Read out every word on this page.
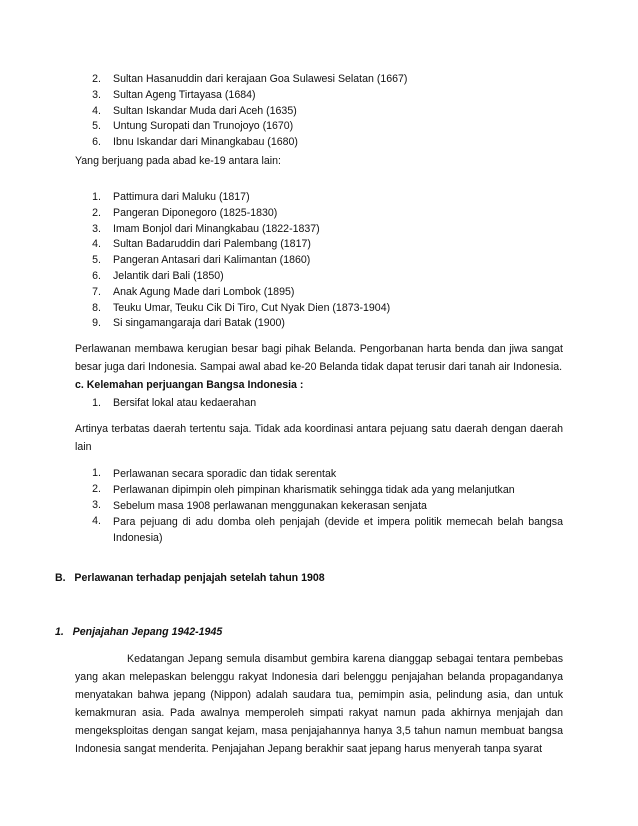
2.	Sultan Hasanuddin dari kerajaan Goa Sulawesi Selatan (1667)
3.	Sultan Ageng Tirtayasa (1684)
4.	Sultan Iskandar Muda dari Aceh (1635)
5.	Untung Suropati dan Trunojoyo (1670)
6.	Ibnu Iskandar dari Minangkabau (1680)
Yang berjuang pada abad ke-19 antara lain:
1.	Pattimura dari Maluku (1817)
2.	Pangeran Diponegoro (1825-1830)
3.	Imam Bonjol dari Minangkabau (1822-1837)
4.	Sultan Badaruddin dari Palembang (1817)
5.	Pangeran Antasari dari Kalimantan (1860)
6.	Jelantik dari Bali (1850)
7.	Anak Agung Made dari Lombok (1895)
8.	Teuku Umar, Teuku Cik Di Tiro, Cut Nyak Dien (1873-1904)
9.	Si singamangaraja dari Batak (1900)
Perlawanan membawa kerugian besar bagi pihak Belanda. Pengorbanan harta benda dan jiwa sangat besar juga dari Indonesia. Sampai awal abad ke-20 Belanda tidak dapat terusir dari tanah air Indonesia.
c. Kelemahan perjuangan Bangsa Indonesia :
1.	Bersifat lokal atau kedaerahan
Artinya terbatas daerah tertentu saja. Tidak ada koordinasi antara pejuang satu daerah dengan daerah lain
1.	Perlawanan secara sporadic dan tidak serentak
2.	Perlawanan dipimpin oleh pimpinan kharismatik sehingga tidak ada yang melanjutkan
3.	Sebelum masa 1908 perlawanan menggunakan kekerasan senjata
4.	Para pejuang di adu domba oleh penjajah (devide et impera politik memecah belah bangsa Indonesia)
B.   Perlawanan terhadap penjajah setelah tahun 1908
1.   Penjajahan Jepang 1942-1945
Kedatangan Jepang semula disambut gembira karena dianggap sebagai tentara pembebas yang akan melepaskan belenggu rakyat Indonesia dari belenggu penjajahan belanda propagandanya menyatakan bahwa jepang (Nippon) adalah saudara tua, pemimpin asia, pelindung asia, dan untuk kemakmuran asia. Pada awalnya memperoleh simpati rakyat namun pada akhirnya menjajah dan mengeksploitas dengan sangat kejam, masa penjajahannya hanya 3,5 tahun namun membuat bangsa Indonesia sangat menderita. Penjajahan Jepang berakhir saat jepang harus menyerah tanpa syarat
